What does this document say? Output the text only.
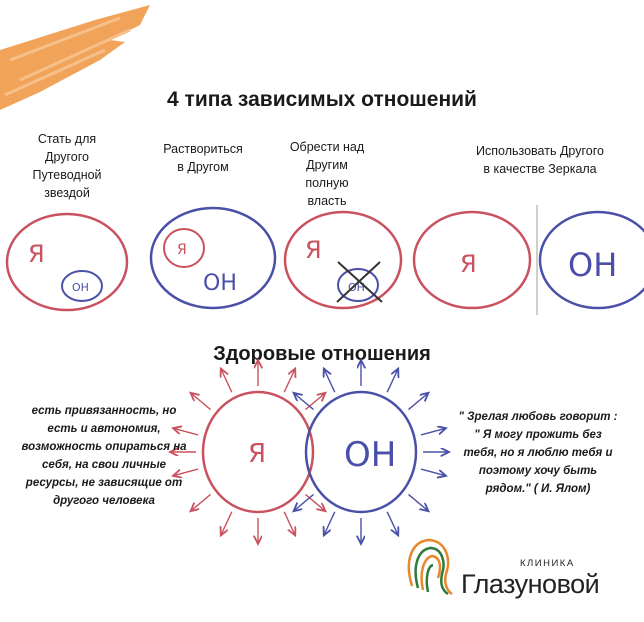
4 типа зависимых отношений
Стать для
Другого
Путеводной
звездой
Раствориться
в Другом
Обрести над
Другим
полную
власть
Использовать Другого
в качестве Зеркала
Я
ОН
Я
ОН
Я
ОН
Я	ОН
Здоровые отношения
Я ОН
есть привязанность, но
есть и автономия,
возможность опираться на
себя, на свои личные
ресурсы, не зависящие от
другого человека
" Зрелая любовь говорит :
" Я могу прожить без
тебя, но я люблю тебя и
поэтому хочу быть
рядом." ( И. Ялом)
КЛИНИКА
Глазуновой
